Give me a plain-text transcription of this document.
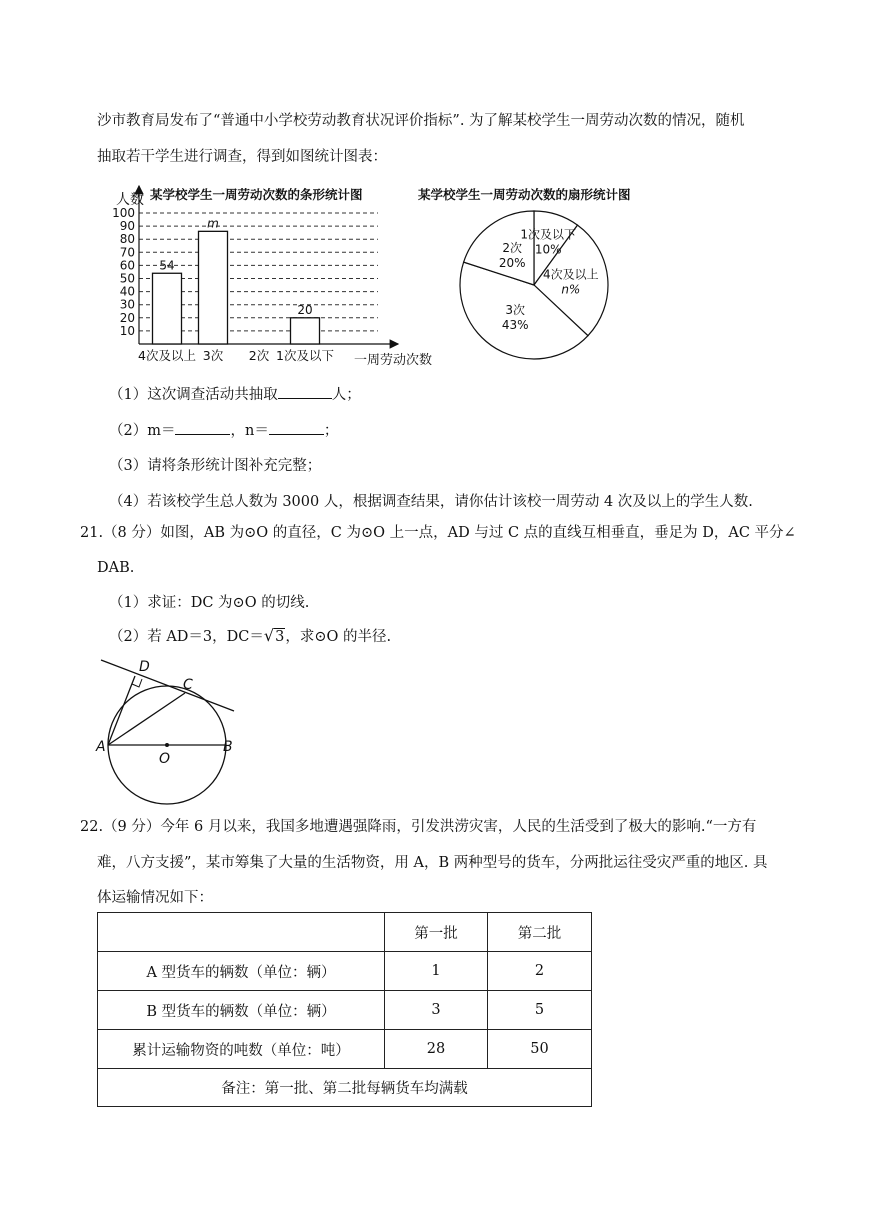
沙市教育局发布了“普通中小学校劳动教育状况评价指标”. 为了解某校学生一周劳动次数的情况，随机
抽取若干学生进行调查，得到如图统计图表：
某学校学生一周劳动次数的条形统计图
人数
10
20
30
40
50
60
70
80
90
100
54
m
20
4次及以上 3次 2次 1次及以下 一周劳动次数
某学校学生一周劳动次数的扇形统计图
1次及以下
10%
4次及以上
n%
3次
43%
2次
20%
（1）这次调查活动共抽取	人；
（2）m＝	，n＝	；
（3）请将条形统计图补充完整；
（4）若该校学生总人数为 3000 人，根据调查结果，请你估计该校一周劳动 4 次及以上的学生人数.
21.（8 分）如图，AB 为⊙O 的直径，C 为⊙O 上一点，AD 与过 C 点的直线互相垂直，垂足为 D，AC 平分∠
DAB.
（1）求证：DC 为⊙O 的切线.
（2）若 AD＝3，DC＝√3，求⊙O 的半径.
D
C
A
O
B
22.（9 分）今年 6 月以来，我国多地遭遇强降雨，引发洪涝灾害，人民的生活受到了极大的影响.“一方有
难，八方支援”，某市筹集了大量的生活物资，用 A，B 两种型号的货车，分两批运往受灾严重的地区. 具
体运输情况如下：
	第一批	第二批
A 型货车的辆数（单位：辆）	1	2
B 型货车的辆数（单位：辆）	3	5
累计运输物资的吨数（单位：吨）	28	50
备注：第一批、第二批每辆货车均满载		
